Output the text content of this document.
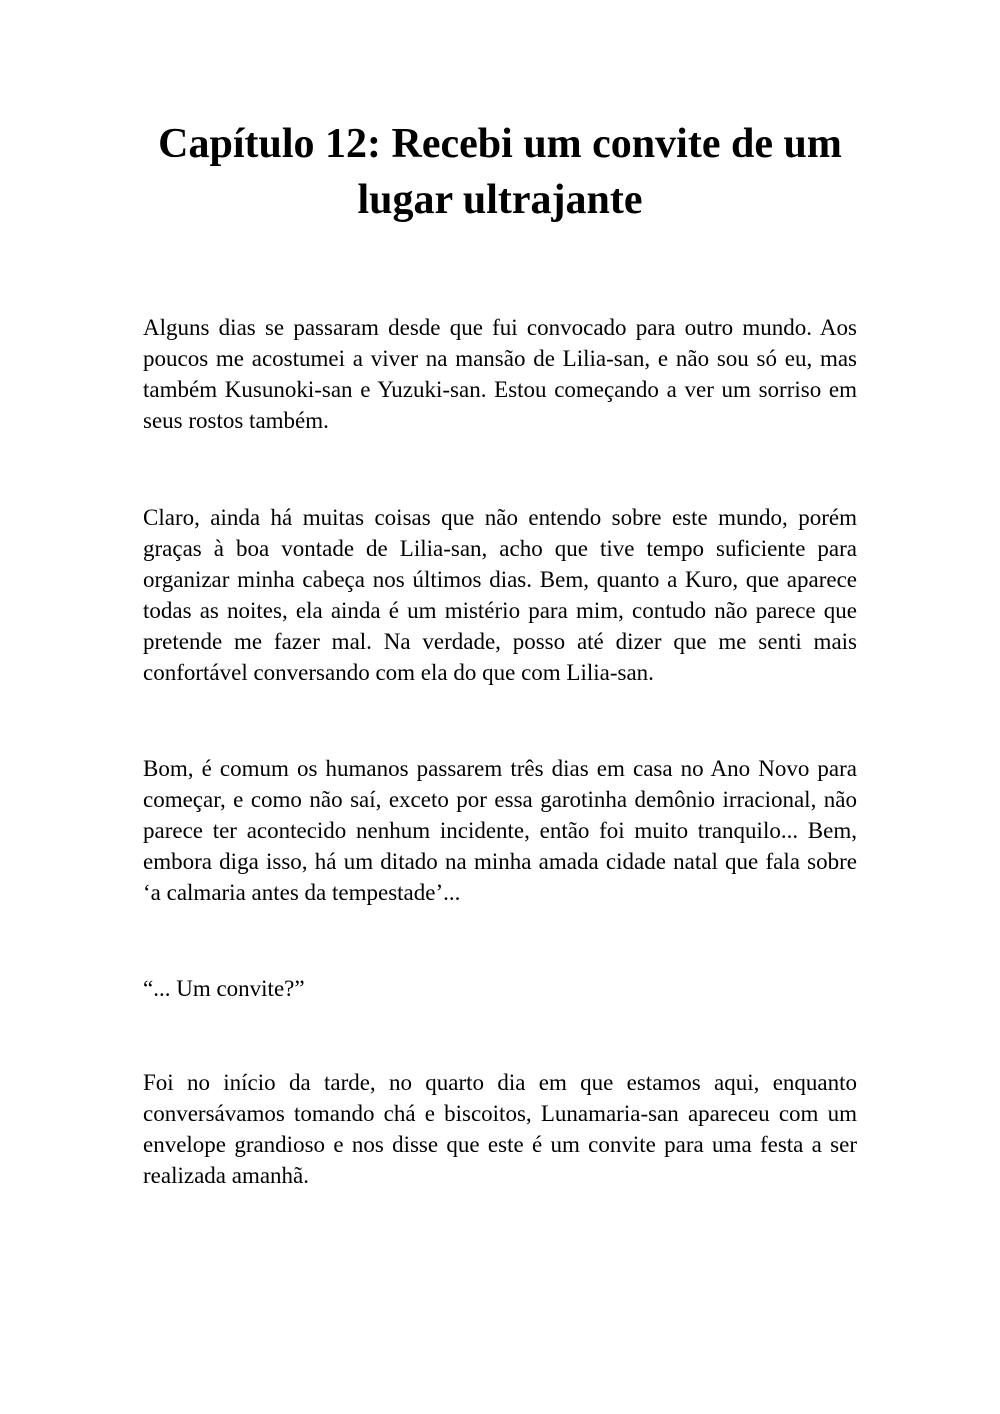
Capítulo 12: Recebi um convite de um
lugar ultrajante

Alguns dias se passaram desde que fui convocado para outro mundo. Aos poucos me acostumei a viver na mansão de Lilia-san, e não sou só eu, mas também Kusunoki-san e Yuzuki-san. Estou começando a ver um sorriso em seus rostos também.

Claro, ainda há muitas coisas que não entendo sobre este mundo, porém graças à boa vontade de Lilia-san, acho que tive tempo suficiente para organizar minha cabeça nos últimos dias. Bem, quanto a Kuro, que aparece todas as noites, ela ainda é um mistério para mim, contudo não parece que pretende me fazer mal. Na verdade, posso até dizer que me senti mais confortável conversando com ela do que com Lilia-san.

Bom, é comum os humanos passarem três dias em casa no Ano Novo para começar, e como não saí, exceto por essa garotinha demônio irracional, não parece ter acontecido nenhum incidente, então foi muito tranquilo... Bem, embora diga isso, há um ditado na minha amada cidade natal que fala sobre ‘a calmaria antes da tempestade’...

“... Um convite?”

Foi no início da tarde, no quarto dia em que estamos aqui, enquanto conversávamos tomando chá e biscoitos, Lunamaria-san apareceu com um envelope grandioso e nos disse que este é um convite para uma festa a ser realizada amanhã.
